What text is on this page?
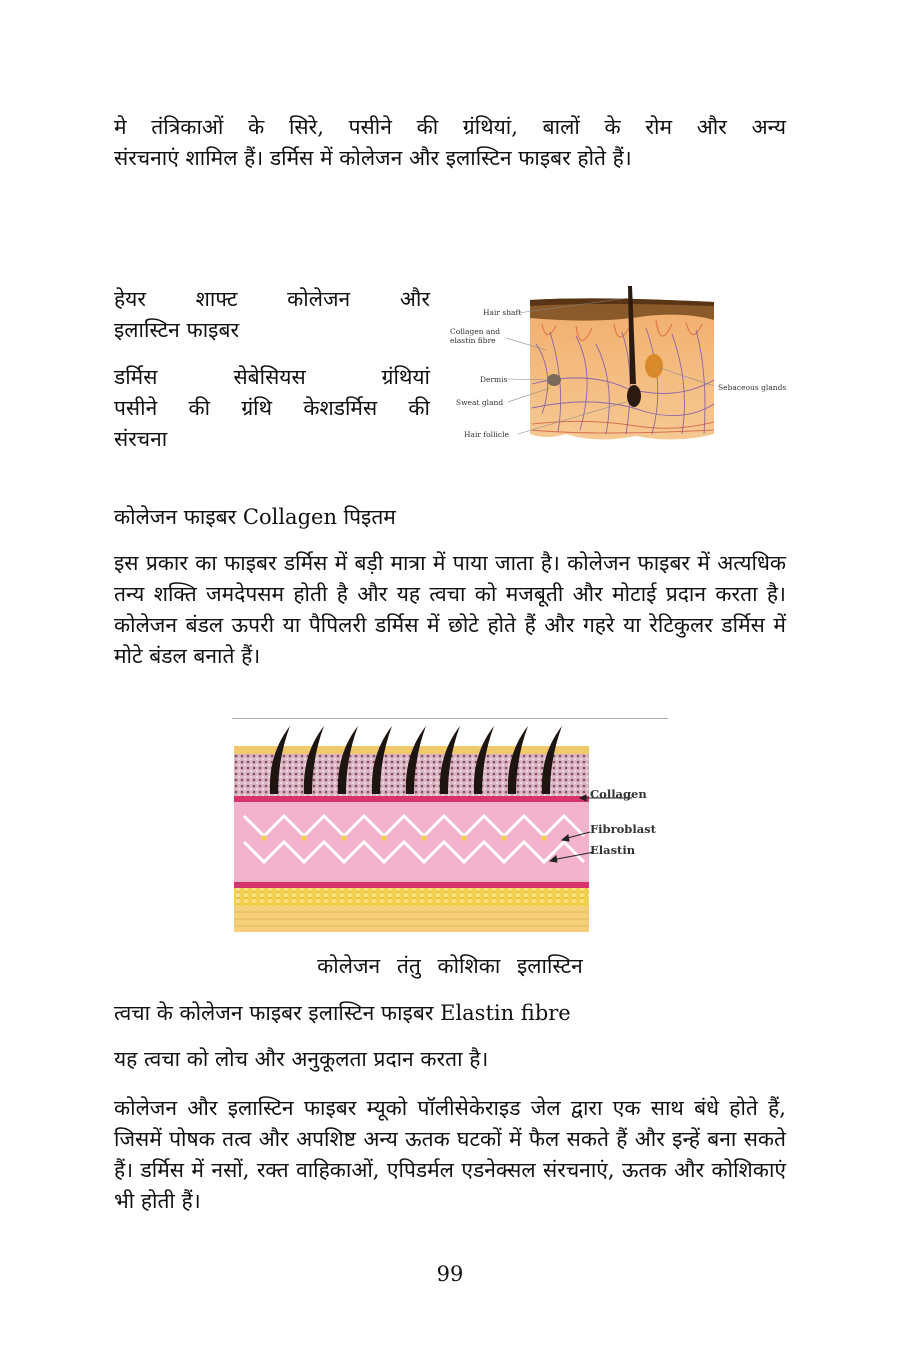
मे तंत्रिकाओं के सिरे, पसीने की ग्रंथियां, बालों के रोम और अन्य

संरचनाएं शामिल हैं। डर्मिस में कोलेजन और इलास्टिन फाइबर होते हैं।

हेयर शाफ्ट कोलेजन और

इलास्टिन फाइबर

डर्मिस सेबेसियस ग्रंथियां
पसीने की ग्रंथि केशडर्मिस की

संरचना

Hair shaft
Collagen and
elastin fibre
Dermis
Sweat gland
Hair follicle
Sebaceous glands

कोलेजन फाइबर Collagen पिइतम

इस प्रकार का फाइबर डर्मिस में बड़ी मात्रा में पाया जाता है। कोलेजन फाइबर में अत्यधिक तन्य शक्ति जमदेपसम होती है और यह त्वचा को मजबूती और मोटाई प्रदान करता है। कोलेजन बंडल ऊपरी या पैपिलरी डर्मिस में छोटे होते हैं और गहरे या रेटिकुलर डर्मिस में मोटे बंडल बनाते हैं।

Collagen
Fibroblast
Elastin

कोलेजन तंतु कोशिका इलास्टिन

त्वचा के कोलेजन फाइबर इलास्टिन फाइबर Elastin fibre

यह त्वचा को लोच और अनुकूलता प्रदान करता है।

कोलेजन और इलास्टिन फाइबर म्यूको पॉलीसेकेराइड जेल द्वारा एक साथ बंधे होते हैं, जिसमें पोषक तत्व और अपशिष्ट अन्य ऊतक घटकों में फैल सकते हैं और इन्हें बना सकते हैं। डर्मिस में नसों, रक्त वाहिकाओं, एपिडर्मल एडनेक्सल संरचनाएं, ऊतक और कोशिकाएं भी होती हैं।

99
